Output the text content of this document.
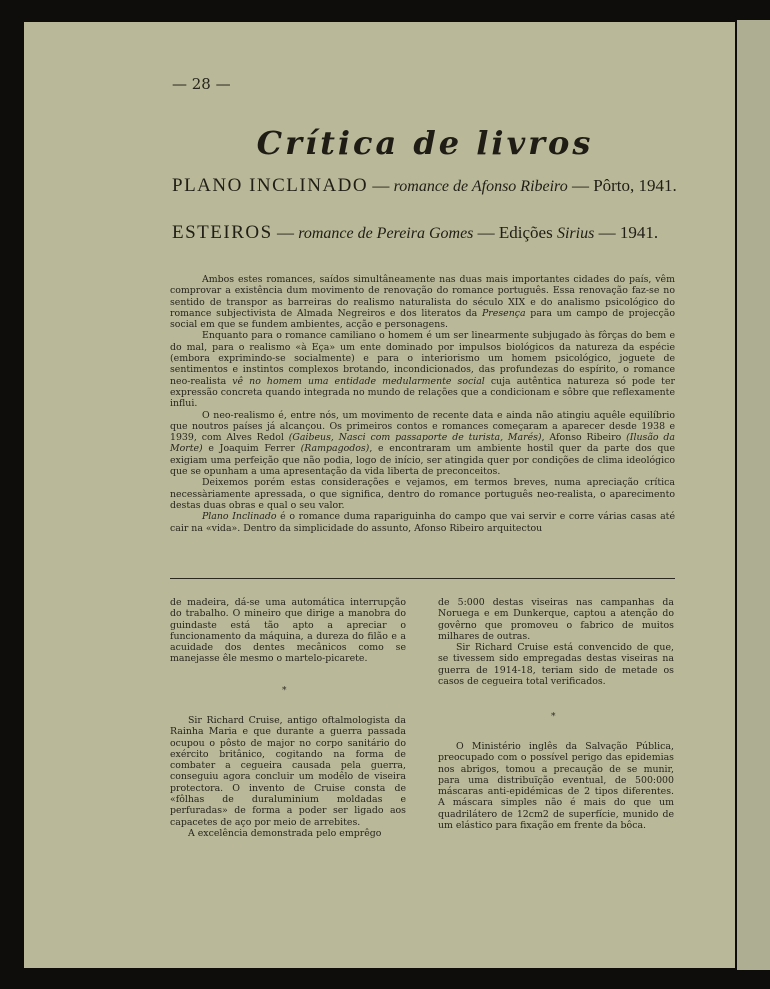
— 28 —
Crítica de livros
PLANO INCLINADO — romance de Afonso Ribeiro — Pôrto, 1941.
ESTEIROS — romance de Pereira Gomes — Edições Sirius — 1941.

Ambos estes romances, saídos simultâneamente nas duas mais importantes cidades do país, vêm comprovar a existência dum movimento de renovação do romance português. Essa renovação faz-se no sentido de transpor as barreiras do realismo naturalista do século XIX e do analismo psicológico do romance subjectivista de Almada Negreiros e dos literatos da Presença para um campo de projecção social em que se fundem ambientes, acção e personagens.

Enquanto para o romance camiliano o homem é um ser linearmente subjugado às fôrças do bem e do mal, para o realismo «à Eça» um ente dominado por impulsos biológicos da natureza da espécie (embora exprimindo-se socialmente) e para o interiorismo um homem psicológico, joguete de sentimentos e instintos complexos brotando, incondicionados, das profundezas do espírito, o romance neo-realista vê no homem uma entidade medularmente social cuja autêntica natureza só pode ter expressão concreta quando integrada no mundo de relações que a condicionam e sôbre que reflexamente influi.

O neo-realismo é, entre nós, um movimento de recente data e ainda não atingiu aquêle equilíbrio que noutros países já alcançou. Os primeiros contos e romances começaram a aparecer desde 1938 e 1939, com Alves Redol (Gaibeus, Nasci com passaporte de turista, Marés), Afonso Ribeiro (Ilusão da Morte) e Joaquim Ferrer (Rampagodos), e encontraram um ambiente hostil quer da parte dos que exigiam uma perfeição que não podia, logo de início, ser atingida quer por condições de clima ideológico que se opunham a uma apresentação da vida liberta de preconceitos.

Deixemos porém estas considerações e vejamos, em termos breves, numa apreciação crítica necessàriamente apressada, o que significa, dentro do romance português neo-realista, o aparecimento destas duas obras e qual o seu valor.

Plano Inclinado é o romance duma rapariguinha do campo que vai servir e corre várias casas até cair na «vida». Dentro da simplicidade do assunto, Afonso Ribeiro arquitectou

de madeira, dá-se uma automática interrupção do trabalho. O mineiro que dirige a manobra do guindaste está tão apto a apreciar o funcionamento da máquina, a dureza do filão e a acuidade dos dentes mecânicos como se manejasse êle mesmo o martelo-picarete.

*

Sir Richard Cruise, antigo oftalmologista da Rainha Maria e que durante a guerra passada ocupou o pôsto de major no corpo sanitário do exército britânico, cogitando na forma de combater a cegueira causada pela guerra, conseguiu agora concluir um modêlo de viseira protectora. O invento de Cruise consta de «fôlhas de duraluminium moldadas e perfuradas» de forma a poder ser ligado aos capacetes de aço por meio de arrebites.

A excelência demonstrada pelo emprêgo

de 5:000 destas viseiras nas campanhas da Noruega e em Dunkerque, captou a atenção do govêrno que promoveu o fabrico de muitos milhares de outras.

Sir Richard Cruise está convencido de que, se tivessem sido empregadas destas viseiras na guerra de 1914-18, teriam sido de metade os casos de cegueira total verificados.

*

O Ministério inglês da Salvação Pública, preocupado com o possível perigo das epidemias nos abrigos, tomou a precaução de se munir, para uma distribuïção eventual, de 500:000 máscaras anti-epidémicas de 2 tipos diferentes. A máscara simples não é mais do que um quadrilátero de 12cm2 de superfície, munido de um elástico para fixação em frente da bôca.
